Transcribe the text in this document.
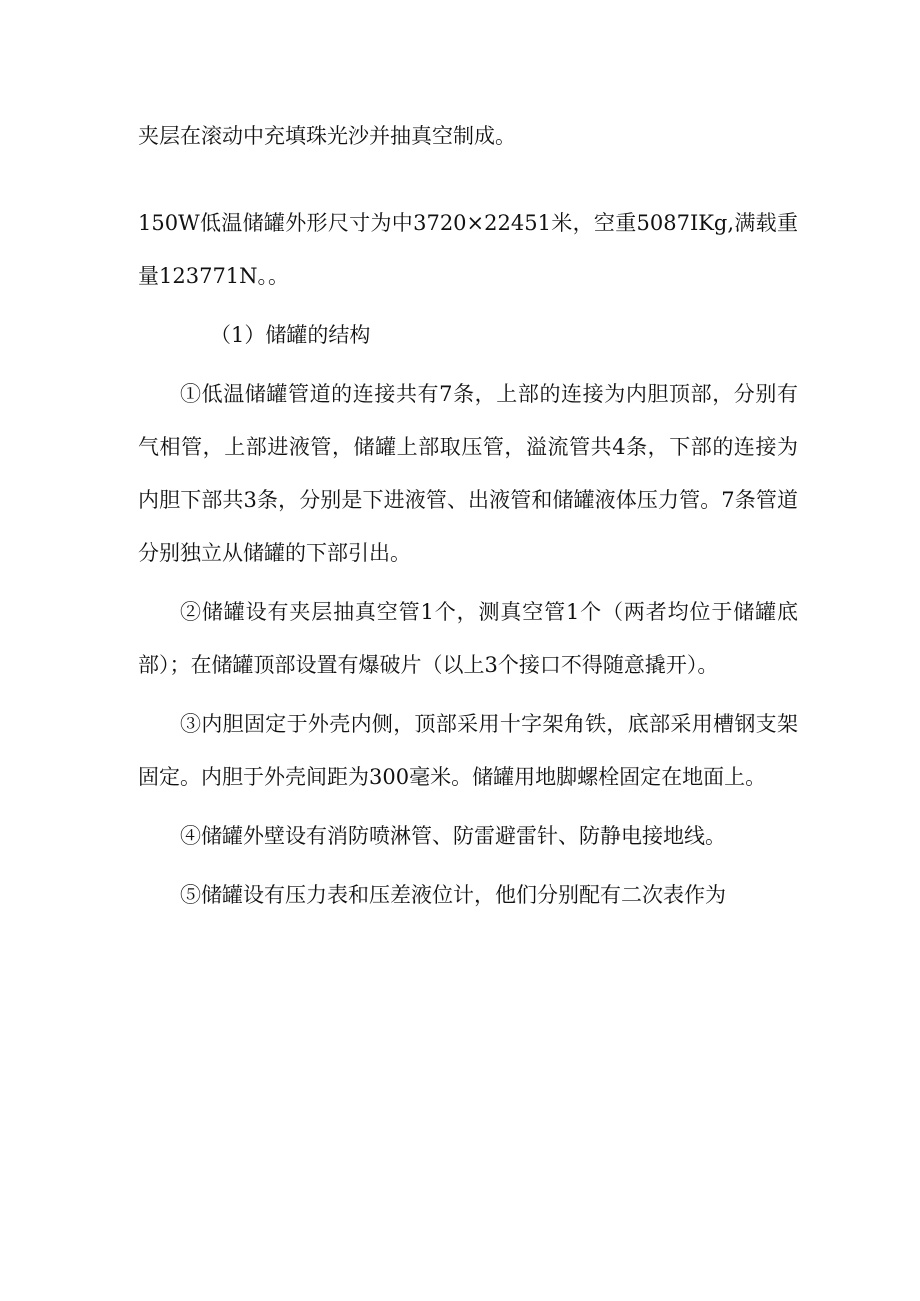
夹层在滚动中充填珠光沙并抽真空制成。

150W低温储罐外形尺寸为中3720×22451米，空重5087IKg,满载重量123771N。。

（1）储罐的结构

①低温储罐管道的连接共有7条，上部的连接为内胆顶部，分别有气相管，上部进液管，储罐上部取压管，溢流管共4条，下部的连接为内胆下部共3条，分别是下进液管、出液管和储罐液体压力管。7条管道分别独立从储罐的下部引出。

②储罐设有夹层抽真空管1个，测真空管1个（两者均位于储罐底部）；在储罐顶部设置有爆破片（以上3个接口不得随意撬开）。

③内胆固定于外壳内侧，顶部采用十字架角铁，底部采用槽钢支架固定。内胆于外壳间距为300毫米。储罐用地脚螺栓固定在地面上。

④储罐外壁设有消防喷淋管、防雷避雷针、防静电接地线。

⑤储罐设有压力表和压差液位计，他们分别配有二次表作为
